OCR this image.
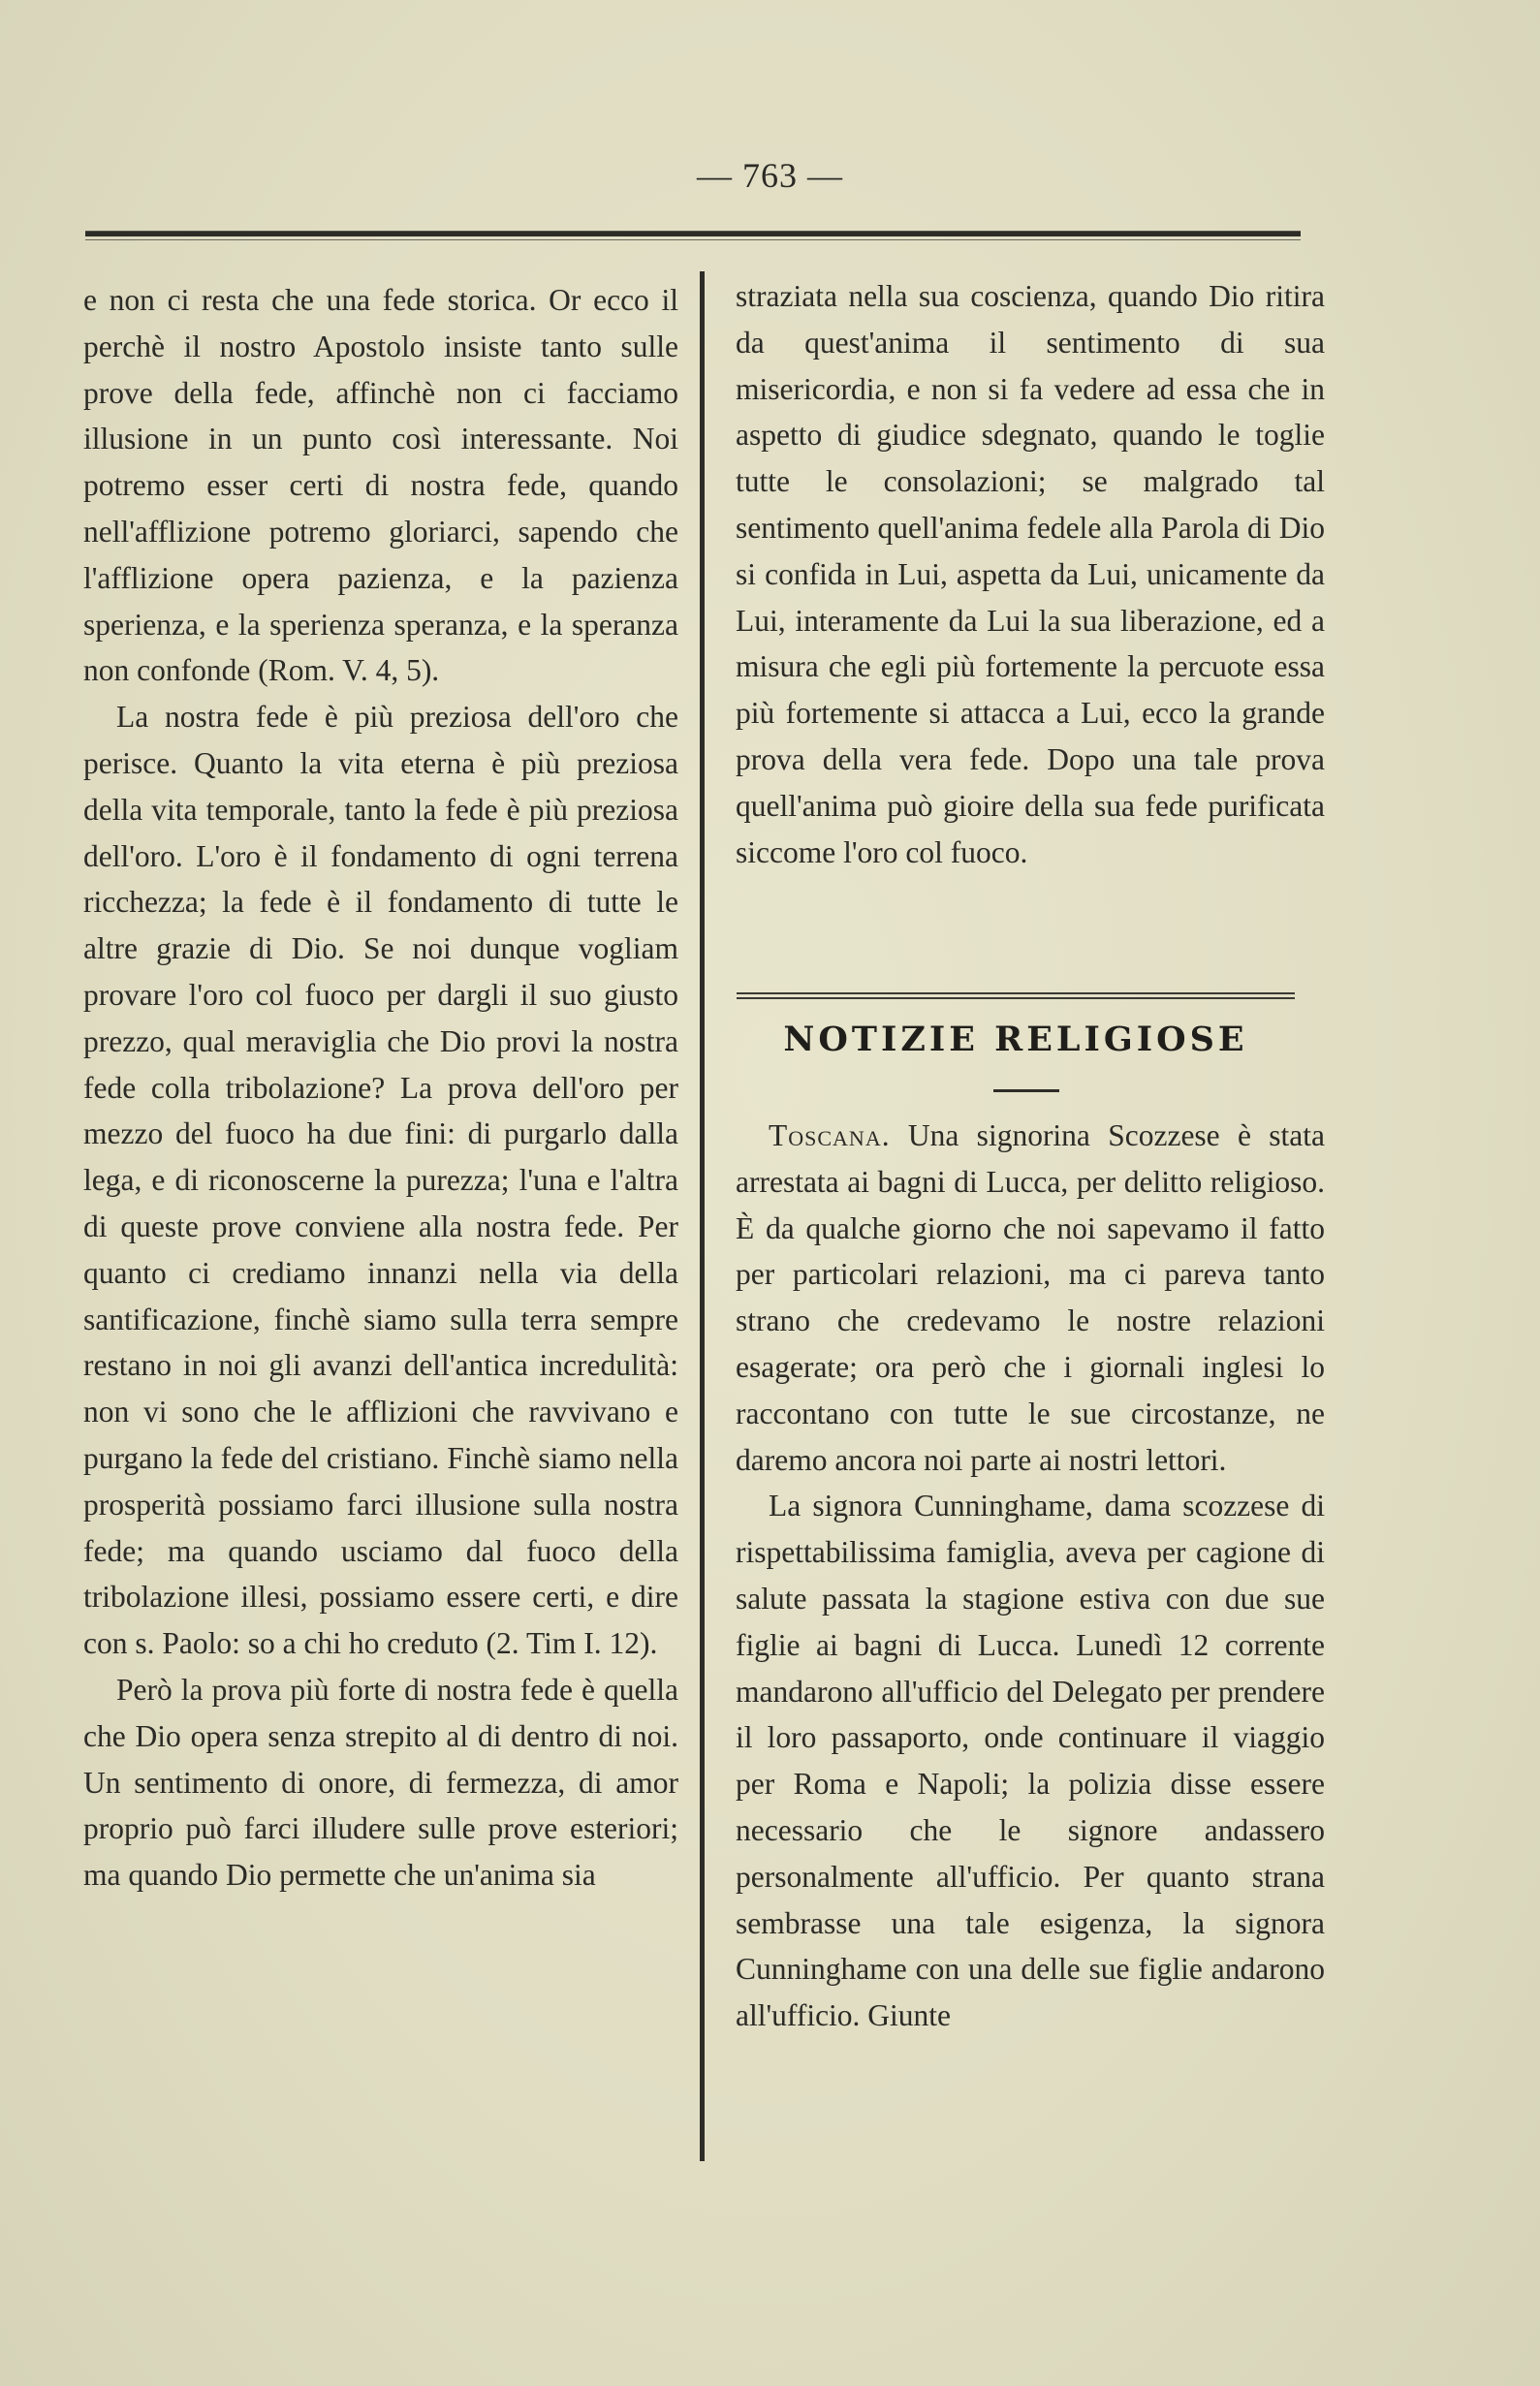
— 763 —

e non ci resta che una fede storica. Or ecco il perchè il nostro Apostolo insiste tanto sulle prove della fede, affinchè non ci facciamo illusione in un punto così interessante. Noi potremo esser certi di nostra fede, quando nell'afflizione potremo gloriarci, sapendo che l'afflizione opera pazienza, e la pazienza sperienza, e la sperienza speranza, e la speranza non confonde (Rom. V. 4, 5).

La nostra fede è più preziosa dell'oro che perisce. Quanto la vita eterna è più preziosa della vita temporale, tanto la fede è più preziosa dell'oro. L'oro è il fondamento di ogni terrena ricchezza; la fede è il fondamento di tutte le altre grazie di Dio. Se noi dunque vogliam provare l'oro col fuoco per dargli il suo giusto prezzo, qual meraviglia che Dio provi la nostra fede colla tribolazione? La prova dell'oro per mezzo del fuoco ha due fini: di purgarlo dalla lega, e di riconoscerne la purezza; l'una e l'altra di queste prove conviene alla nostra fede. Per quanto ci crediamo innanzi nella via della santificazione, finchè siamo sulla terra sempre restano in noi gli avanzi dell'antica incredulità: non vi sono che le afflizioni che ravvivano e purgano la fede del cristiano. Finchè siamo nella prosperità possiamo farci illusione sulla nostra fede; ma quando usciamo dal fuoco della tribolazione illesi, possiamo essere certi, e dire con s. Paolo: so a chi ho creduto (2. Tim I. 12).

Però la prova più forte di nostra fede è quella che Dio opera senza strepito al di dentro di noi. Un sentimento di onore, di fermezza, di amor proprio può farci illudere sulle prove esteriori; ma quando Dio permette che un'anima sia

straziata nella sua coscienza, quando Dio ritira da quest'anima il sentimento di sua misericordia, e non si fa vedere ad essa che in aspetto di giudice sdegnato, quando le toglie tutte le consolazioni; se malgrado tal sentimento quell'anima fedele alla Parola di Dio si confida in Lui, aspetta da Lui, unicamente da Lui, interamente da Lui la sua liberazione, ed a misura che egli più fortemente la percuote essa più fortemente si attacca a Lui, ecco la grande prova della vera fede. Dopo una tale prova quell'anima può gioire della sua fede purificata siccome l'oro col fuoco.

NOTIZIE RELIGIOSE

Toscana. Una signorina Scozzese è stata arrestata ai bagni di Lucca, per delitto religioso. È da qualche giorno che noi sapevamo il fatto per particolari relazioni, ma ci pareva tanto strano che credevamo le nostre relazioni esagerate; ora però che i giornali inglesi lo raccontano con tutte le sue circostanze, ne daremo ancora noi parte ai nostri lettori.

La signora Cunninghame, dama scozzese di rispettabilissima famiglia, aveva per cagione di salute passata la stagione estiva con due sue figlie ai bagni di Lucca. Lunedì 12 corrente mandarono all'ufficio del Delegato per prendere il loro passaporto, onde continuare il viaggio per Roma e Napoli; la polizia disse essere necessario che le signore andassero personalmente all'ufficio. Per quanto strana sembrasse una tale esigenza, la signora Cunninghame con una delle sue figlie andarono all'ufficio. Giunte
